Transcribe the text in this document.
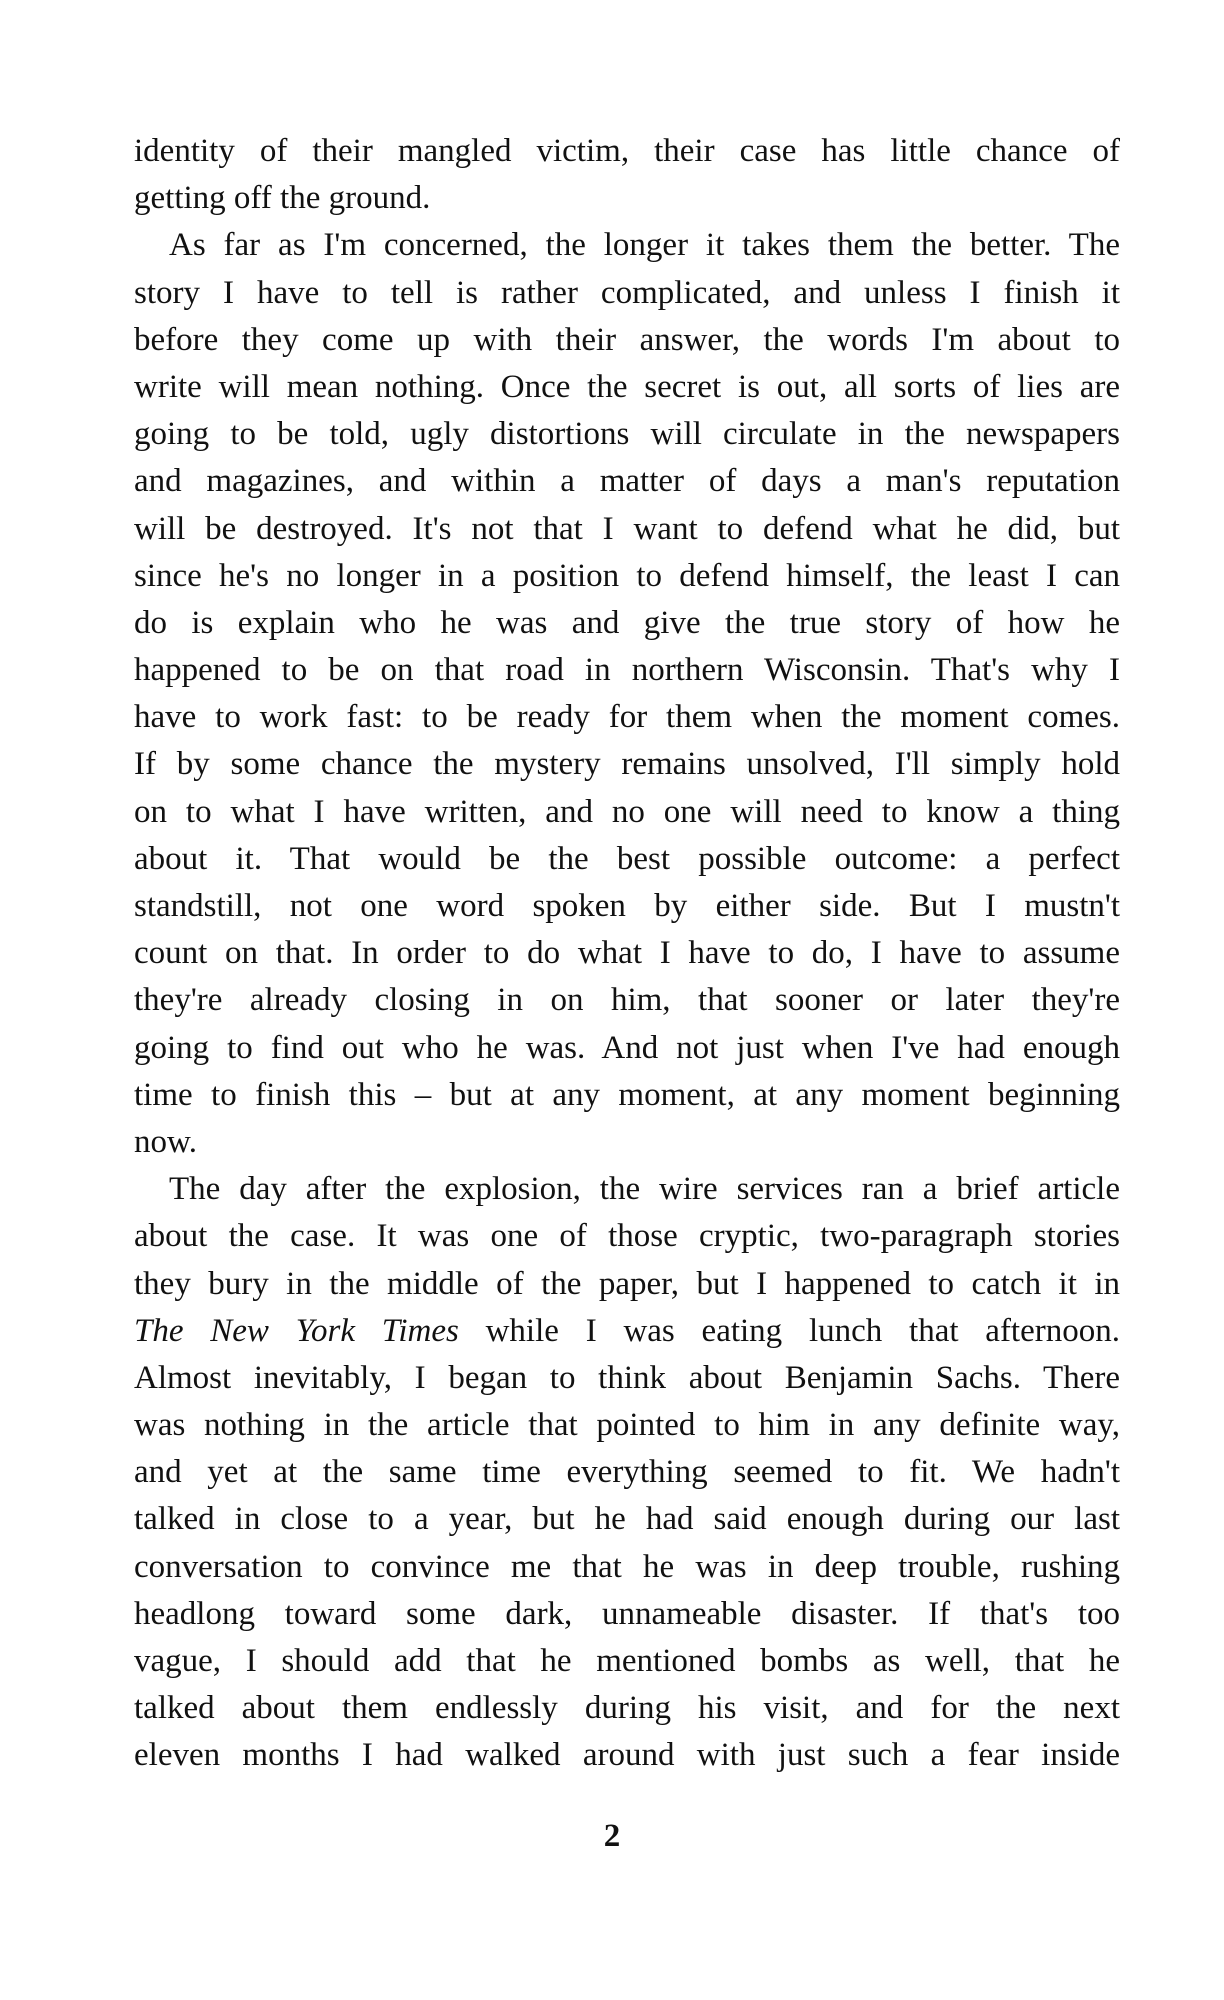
identity of their mangled victim, their case has little chance of
getting off the ground.
As far as I'm concerned, the longer it takes them the better. The
story I have to tell is rather complicated, and unless I finish it
before they come up with their answer, the words I'm about to
write will mean nothing. Once the secret is out, all sorts of lies are
going to be told, ugly distortions will circulate in the newspapers
and magazines, and within a matter of days a man's reputation
will be destroyed. It's not that I want to defend what he did, but
since he's no longer in a position to defend himself, the least I can
do is explain who he was and give the true story of how he
happened to be on that road in northern Wisconsin. That's why I
have to work fast: to be ready for them when the moment comes.
If by some chance the mystery remains unsolved, I'll simply hold
on to what I have written, and no one will need to know a thing
about it. That would be the best possible outcome: a perfect
standstill, not one word spoken by either side. But I mustn't
count on that. In order to do what I have to do, I have to assume
they're already closing in on him, that sooner or later they're
going to find out who he was. And not just when I've had enough
time to finish this – but at any moment, at any moment beginning
now.
The day after the explosion, the wire services ran a brief article
about the case. It was one of those cryptic, two-paragraph stories
they bury in the middle of the paper, but I happened to catch it in
The New York Times while I was eating lunch that afternoon.
Almost inevitably, I began to think about Benjamin Sachs. There
was nothing in the article that pointed to him in any definite way,
and yet at the same time everything seemed to fit. We hadn't
talked in close to a year, but he had said enough during our last
conversation to convince me that he was in deep trouble, rushing
headlong toward some dark, unnameable disaster. If that's too
vague, I should add that he mentioned bombs as well, that he
talked about them endlessly during his visit, and for the next
eleven months I had walked around with just such a fear inside
2
